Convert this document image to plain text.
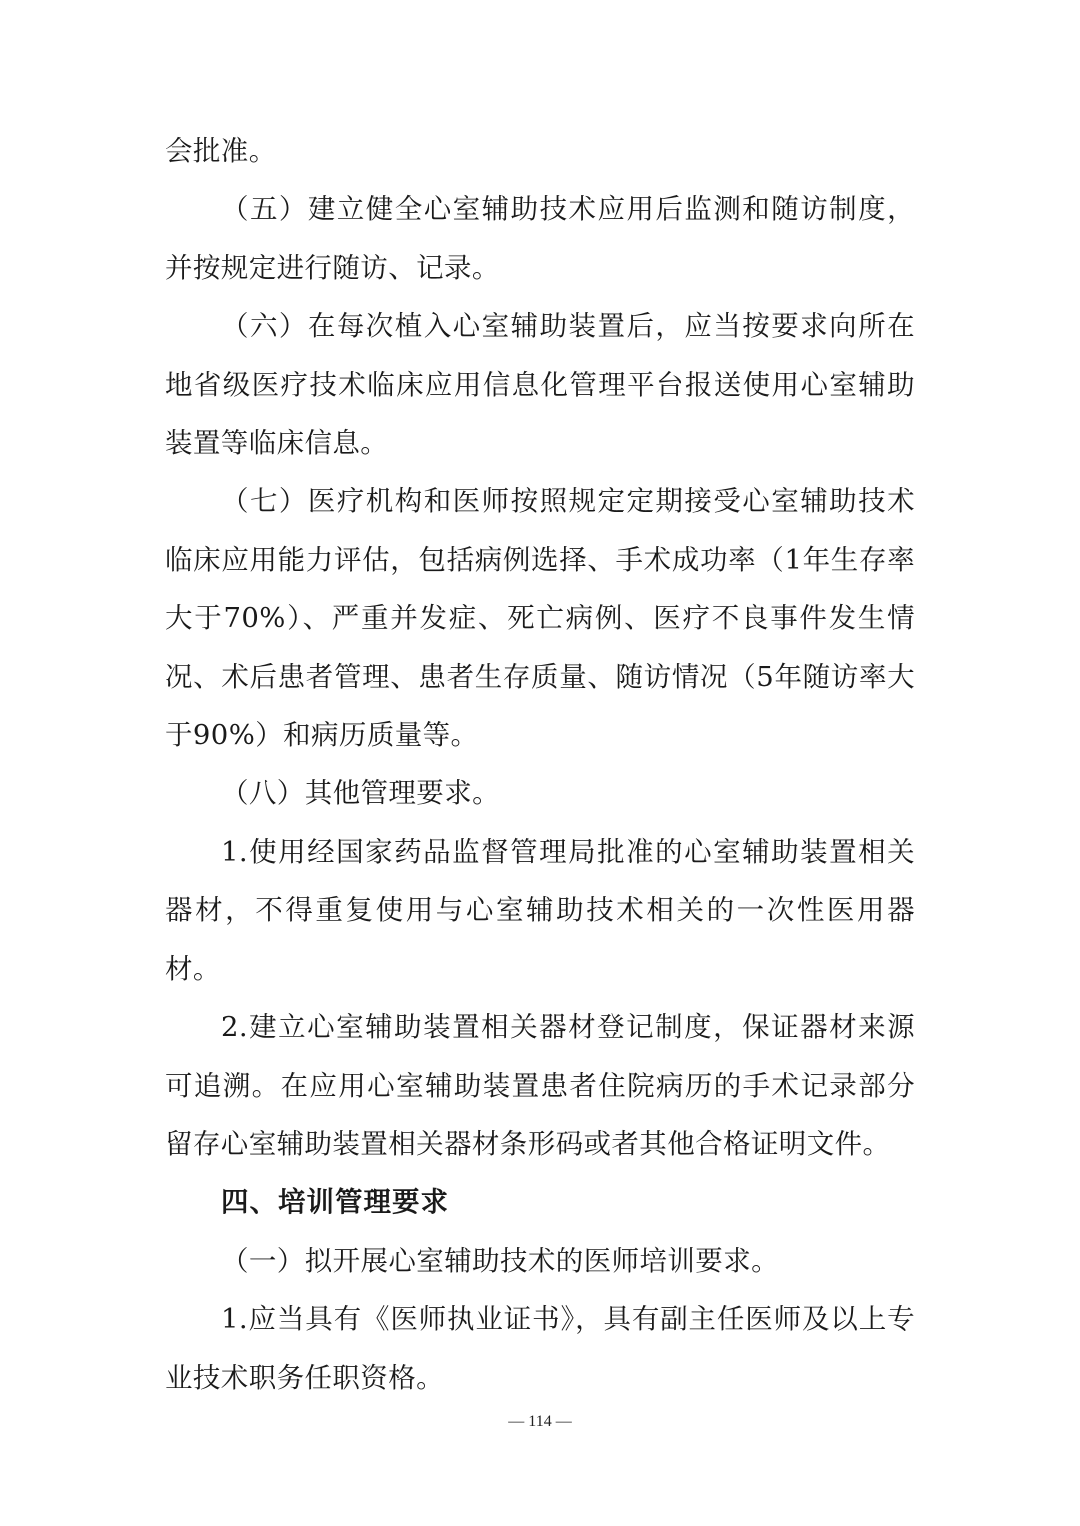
会批准。

（五）建立健全心室辅助技术应用后监测和随访制度，并按规定进行随访、记录。

（六）在每次植入心室辅助装置后，应当按要求向所在地省级医疗技术临床应用信息化管理平台报送使用心室辅助装置等临床信息。

（七）医疗机构和医师按照规定定期接受心室辅助技术临床应用能力评估，包括病例选择、手术成功率（1年生存率大于70%）、严重并发症、死亡病例、医疗不良事件发生情况、术后患者管理、患者生存质量、随访情况（5年随访率大于90%）和病历质量等。

（八）其他管理要求。

1.使用经国家药品监督管理局批准的心室辅助装置相关器材，不得重复使用与心室辅助技术相关的一次性医用器材。

2.建立心室辅助装置相关器材登记制度，保证器材来源可追溯。在应用心室辅助装置患者住院病历的手术记录部分留存心室辅助装置相关器材条形码或者其他合格证明文件。

四、培训管理要求

（一）拟开展心室辅助技术的医师培训要求。

1.应当具有《医师执业证书》，具有副主任医师及以上专业技术职务任职资格。

— 114 —
